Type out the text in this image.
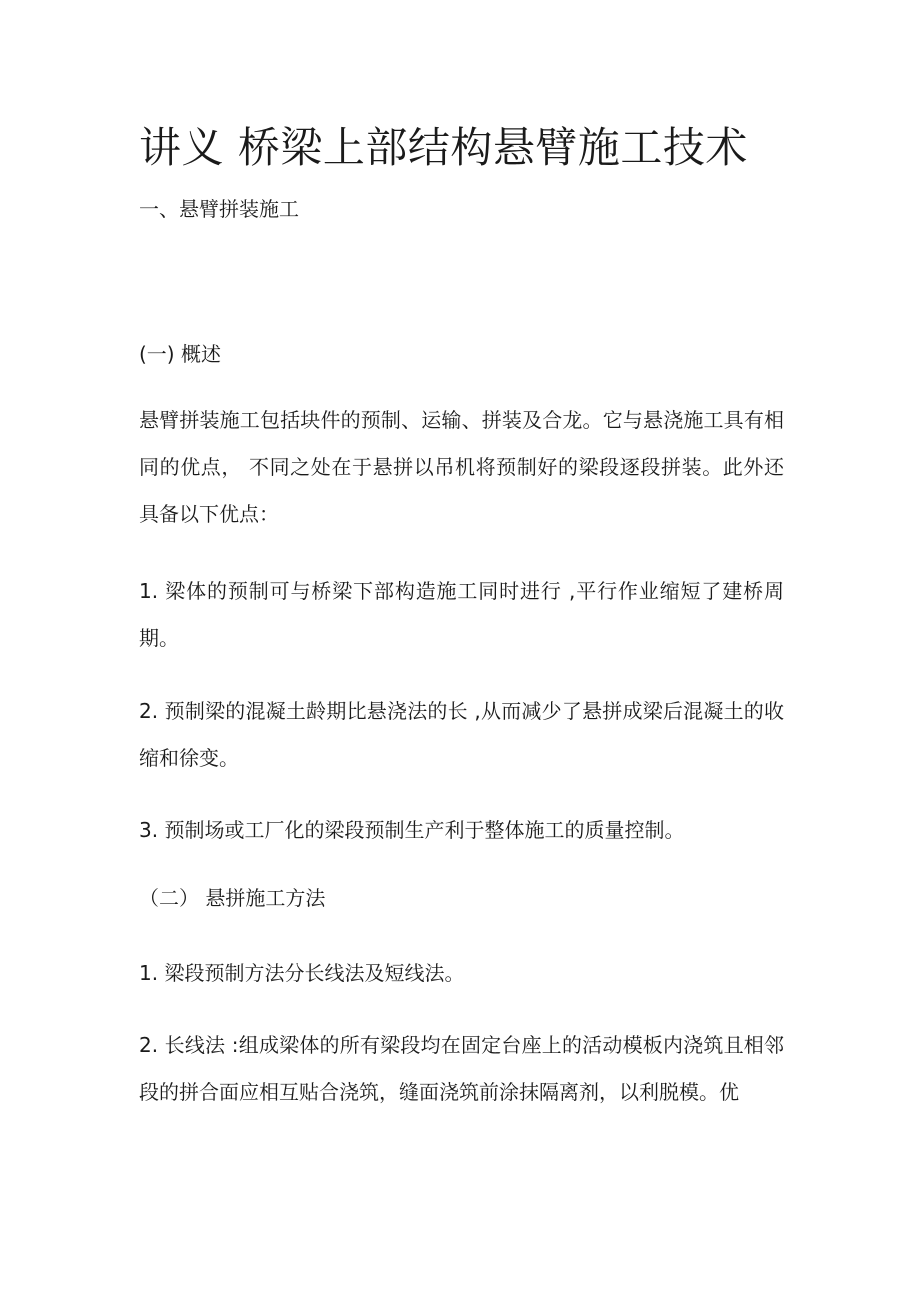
讲义 桥梁上部结构悬臂施工技术

一、悬臂拼装施工

(一) 概述

悬臂拼装施工包括块件的预制、运输、拼装及合龙。它与悬浇施工具有相同的优点， 不同之处在于悬拼以吊机将预制好的梁段逐段拼装。此外还具备以下优点：

1. 梁体的预制可与桥梁下部构造施工同时进行 ,平行作业缩短了建桥周期。

2. 预制梁的混凝土龄期比悬浇法的长 ,从而减少了悬拼成梁后混凝土的收缩和徐变。

3. 预制场或工厂化的梁段预制生产利于整体施工的质量控制。

（二） 悬拼施工方法

1. 梁段预制方法分长线法及短线法。

2. 长线法 :组成梁体的所有梁段均在固定台座上的活动模板内浇筑且相邻段的拼合面应相互贴合浇筑，缝面浇筑前涂抹隔离剂，以利脱模。优
